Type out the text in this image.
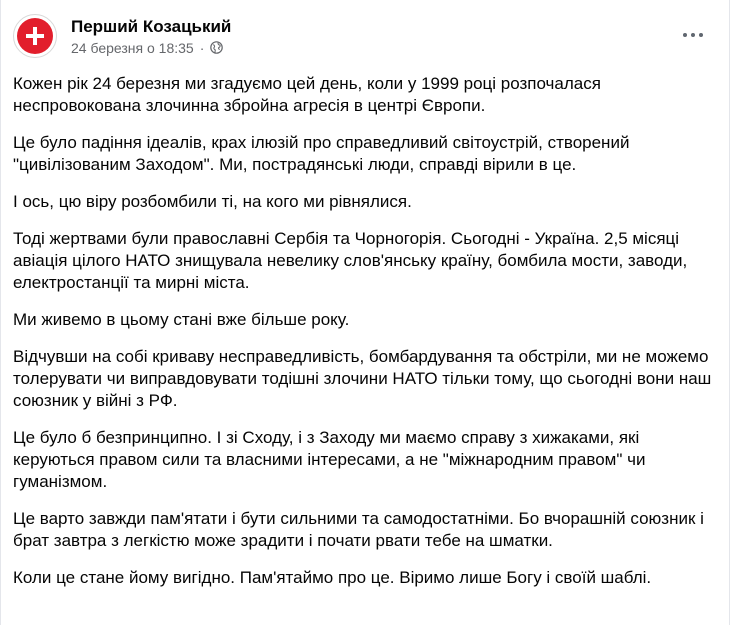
Перший Козацький
24 березня о 18:35 ·

Кожен рік 24 березня ми згадуємо цей день, коли у 1999 році розпочалася неспровокована злочинна збройна агресія в центрі Європи.

Це було падіння ідеалів, крах ілюзій про справедливий світоустрій, створений "цивілізованим Заходом". Ми, пострадянські люди, справді вірили в це.

І ось, цю віру розбомбили ті, на кого ми рівнялися.

Тоді жертвами були православні Сербія та Чорногорія. Сьогодні - Україна. 2,5 місяці авіація цілого НАТО знищувала невелику слов'янську країну, бомбила мости, заводи, електростанції та мирні міста.

Ми живемо в цьому стані вже більше року.

Відчувши на собі криваву несправедливість, бомбардування та обстріли, ми не можемо толерувати чи виправдовувати тодішні злочини НАТО тільки тому, що сьогодні вони наш союзник у війні з РФ.

Це було б безпринципно. І зі Сходу, і з Заходу ми маємо справу з хижаками, які керуються правом сили та власними інтересами, а не "міжнародним правом" чи гуманізмом.

Це варто завжди пам'ятати і бути сильними та самодостатніми. Бо вчорашній союзник і брат завтра з легкістю може зрадити і почати рвати тебе на шматки.

Коли це стане йому вигідно. Пам'ятаймо про це. Віримо лише Богу і своїй шаблі.
